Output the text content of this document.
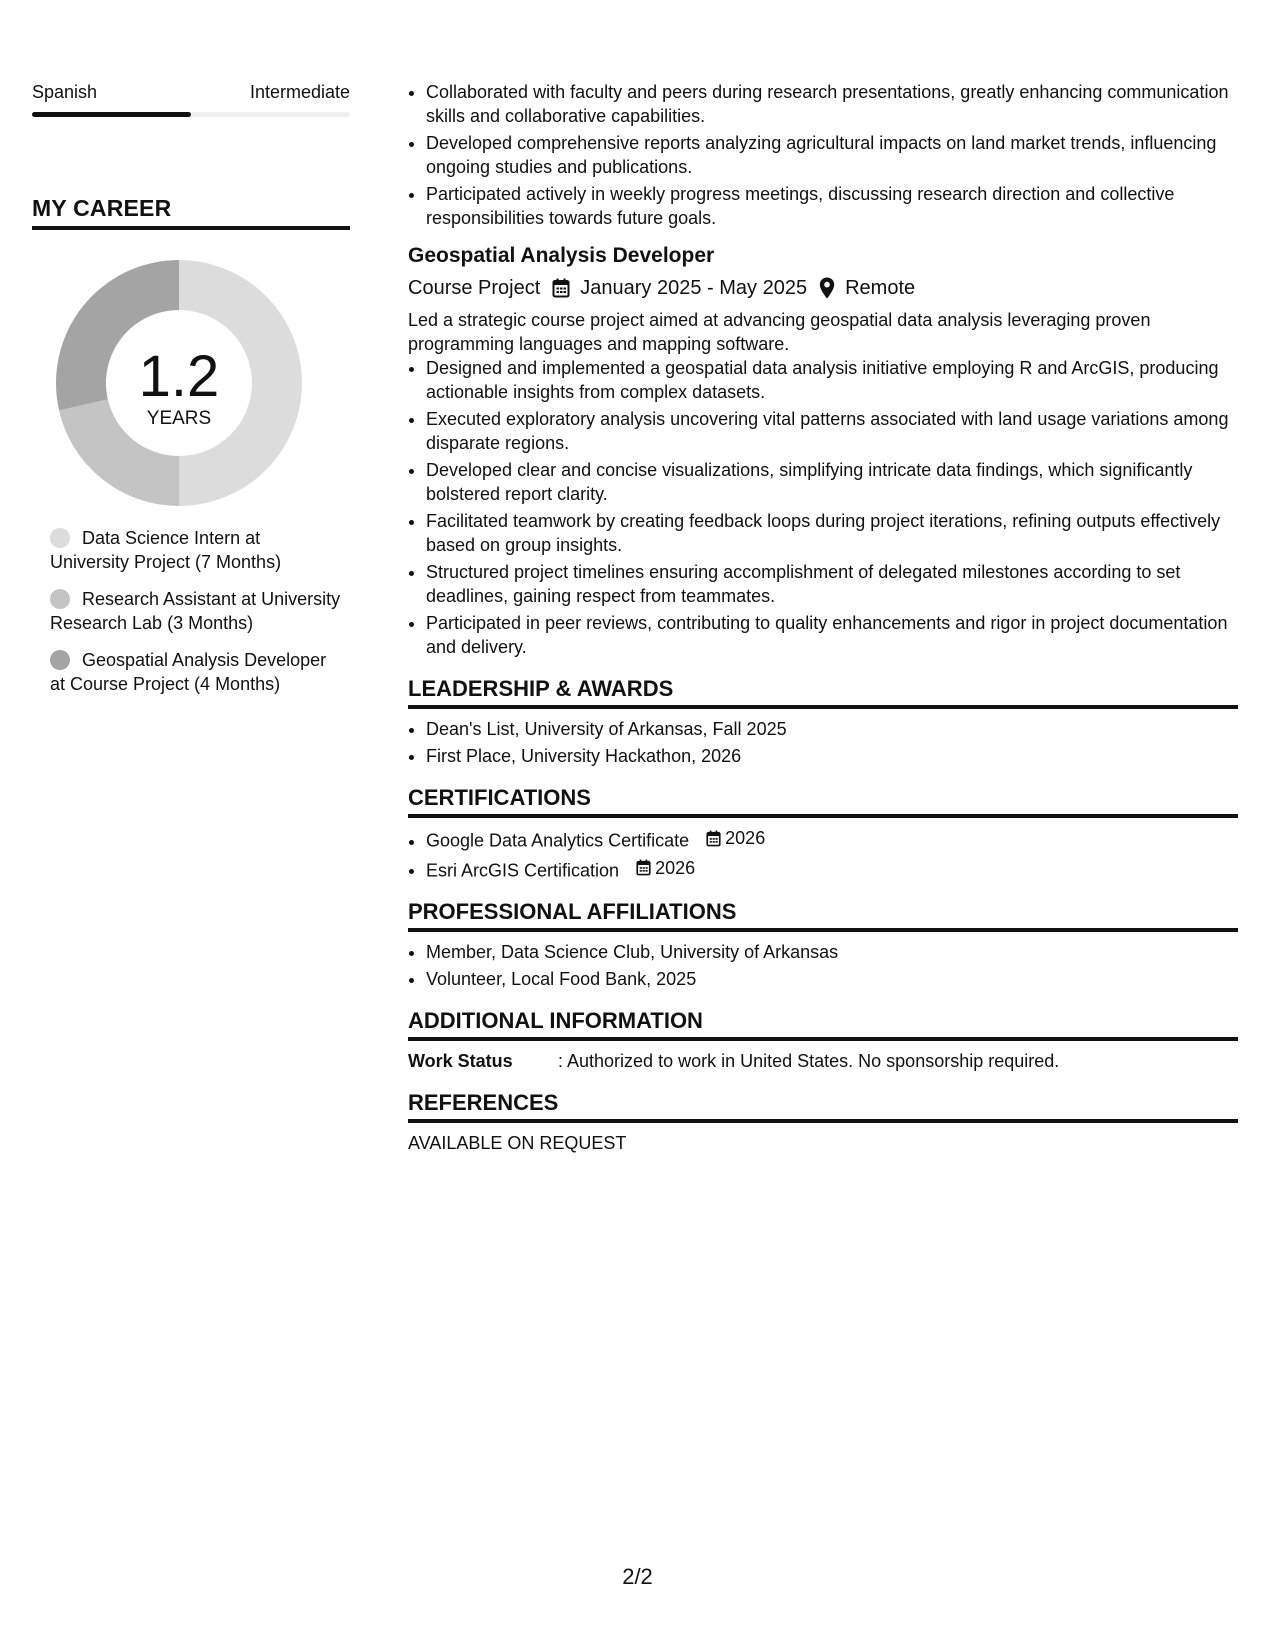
Spanish	Intermediate
MY CAREER
1.2
YEARS
Data Science Intern at University Project (7 Months)
Research Assistant at University Research Lab (3 Months)
Geospatial Analysis Developer at Course Project (4 Months)
• Collaborated with faculty and peers during research presentations, greatly enhancing communication skills and collaborative capabilities.
• Developed comprehensive reports analyzing agricultural impacts on land market trends, influencing ongoing studies and publications.
• Participated actively in weekly progress meetings, discussing research direction and collective responsibilities towards future goals.
Geospatial Analysis Developer
Course Project January 2025 - May 2025 Remote
Led a strategic course project aimed at advancing geospatial data analysis leveraging proven programming languages and mapping software.
• Designed and implemented a geospatial data analysis initiative employing R and ArcGIS, producing actionable insights from complex datasets.
• Executed exploratory analysis uncovering vital patterns associated with land usage variations among disparate regions.
• Developed clear and concise visualizations, simplifying intricate data findings, which significantly bolstered report clarity.
• Facilitated teamwork by creating feedback loops during project iterations, refining outputs effectively based on group insights.
• Structured project timelines ensuring accomplishment of delegated milestones according to set deadlines, gaining respect from teammates.
• Participated in peer reviews, contributing to quality enhancements and rigor in project documentation and delivery.
LEADERSHIP & AWARDS
• Dean's List, University of Arkansas, Fall 2025
• First Place, University Hackathon, 2026
CERTIFICATIONS
• Google Data Analytics Certificate 2026
• Esri ArcGIS Certification 2026
PROFESSIONAL AFFILIATIONS
• Member, Data Science Club, University of Arkansas
• Volunteer, Local Food Bank, 2025
ADDITIONAL INFORMATION
Work Status	: Authorized to work in United States. No sponsorship required.
REFERENCES
AVAILABLE ON REQUEST
2/2
